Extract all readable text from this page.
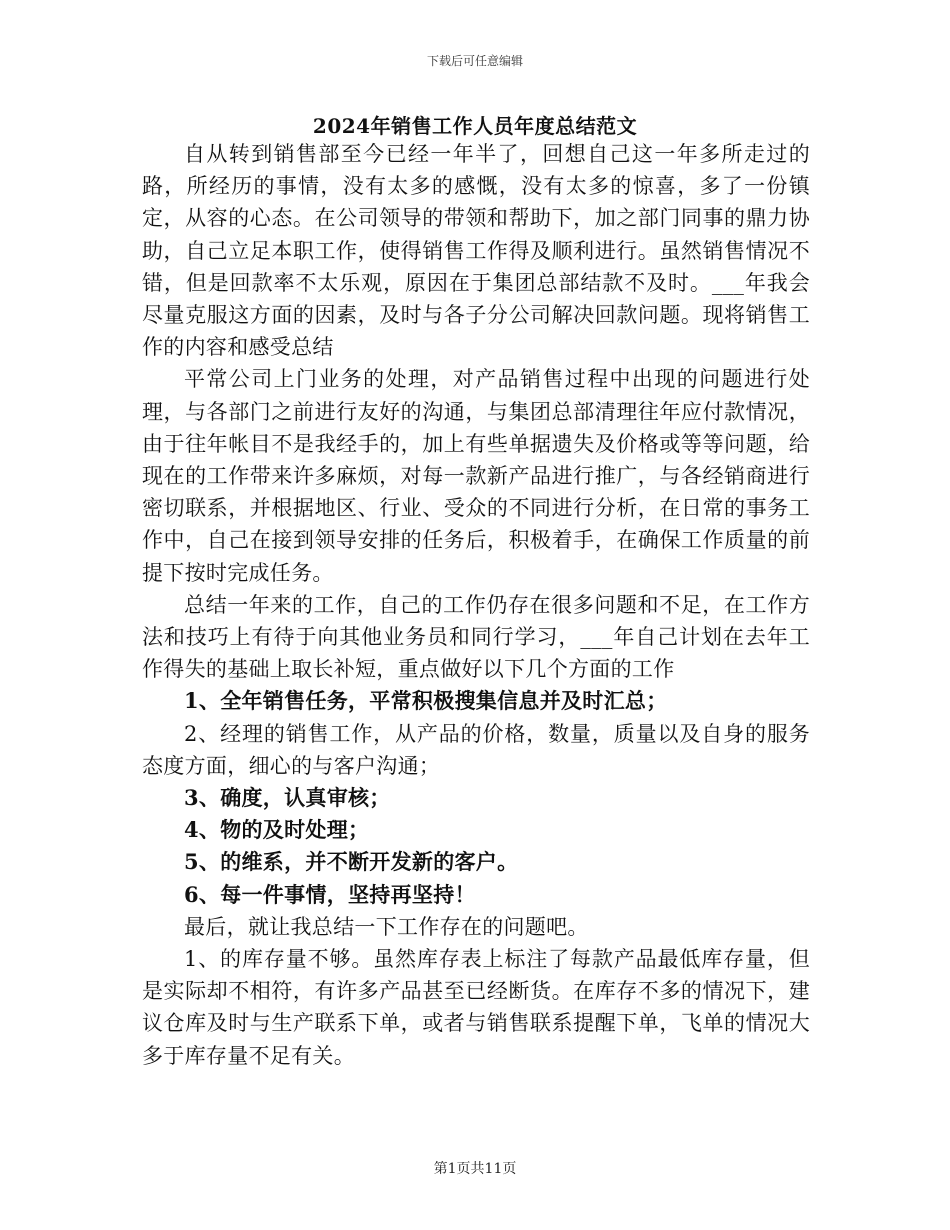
下载后可任意编辑
2024年销售工作人员年度总结范文

自从转到销售部至今已经一年半了，回想自己这一年多所走过的路，所经历的事情，没有太多的感慨，没有太多的惊喜，多了一份镇定，从容的心态。在公司领导的带领和帮助下，加之部门同事的鼎力协助，自己立足本职工作，使得销售工作得及顺利进行。虽然销售情况不错，但是回款率不太乐观，原因在于集团总部结款不及时。___年我会尽量克服这方面的因素，及时与各子分公司解决回款问题。现将销售工作的内容和感受总结

平常公司上门业务的处理，对产品销售过程中出现的问题进行处理，与各部门之前进行友好的沟通，与集团总部清理往年应付款情况，由于往年帐目不是我经手的，加上有些单据遗失及价格或等等问题，给现在的工作带来许多麻烦，对每一款新产品进行推广，与各经销商进行密切联系，并根据地区、行业、受众的不同进行分析，在日常的事务工作中，自己在接到领导安排的任务后，积极着手，在确保工作质量的前提下按时完成任务。

总结一年来的工作，自己的工作仍存在很多问题和不足，在工作方法和技巧上有待于向其他业务员和同行学习，___年自己计划在去年工作得失的基础上取长补短，重点做好以下几个方面的工作

1、全年销售任务，平常积极搜集信息并及时汇总；

2、经理的销售工作，从产品的价格，数量，质量以及自身的服务态度方面，细心的与客户沟通；

3、确度，认真审核；

4、物的及时处理；

5、的维系，并不断开发新的客户。

6、每一件事情，坚持再坚持！

最后，就让我总结一下工作存在的问题吧。

1、的库存量不够。虽然库存表上标注了每款产品最低库存量，但是实际却不相符，有许多产品甚至已经断货。在库存不多的情况下，建议仓库及时与生产联系下单，或者与销售联系提醒下单，飞单的情况大多于库存量不足有关。

第1页共11页
